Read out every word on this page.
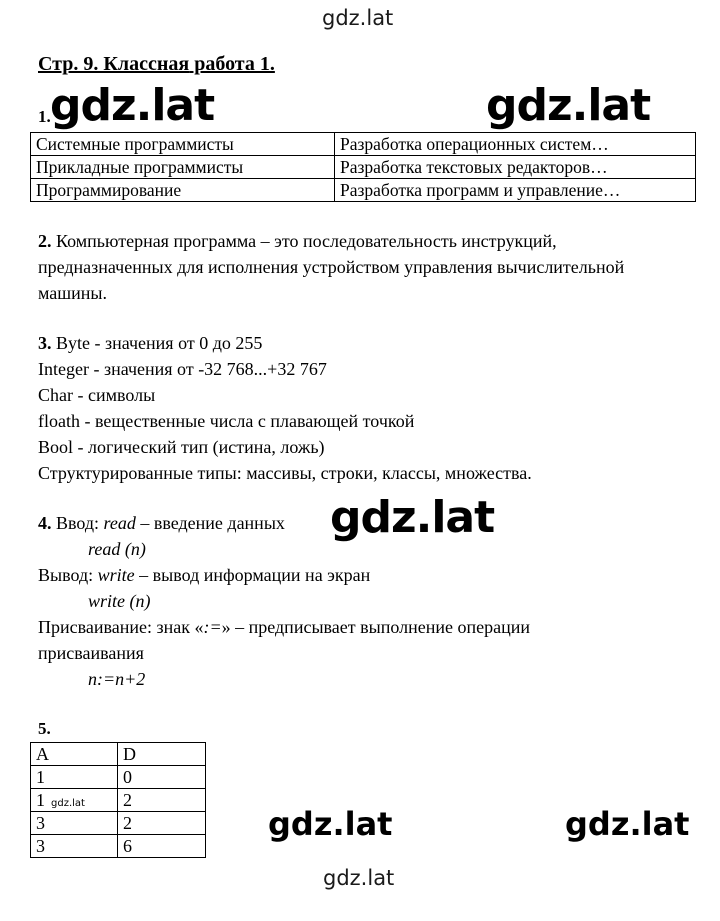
gdz.lat
Стр. 9. Классная работа 1.
1. gdz.lat	gdz.lat
Системные программисты	Разработка операционных систем…
Прикладные программисты	Разработка текстовых редакторов…
Программирование	Разработка программ и управление…
2. Компьютерная программа – это последовательность инструкций,
предназначенных для исполнения устройством управления вычислительной
машины.
3. Byte - значения от 0 до 255
Integer - значения от -32 768...+32 767
Char - символы
floath - вещественные числа с плавающей точкой
Bool - логический тип (истина, ложь)
Структурированные типы: массивы, строки, классы, множества.
4. Ввод: read – введение данных gdz.lat
read (n)
Вывод: write – вывод информации на экран
write (n)
Присваивание: знак «:=» – предписывает выполнение операции
присваивания
n:=n+2
5.
A	D
1	0
1 gdz.lat	2
3	2
3	6
gdz.lat	gdz.lat
gdz.lat
